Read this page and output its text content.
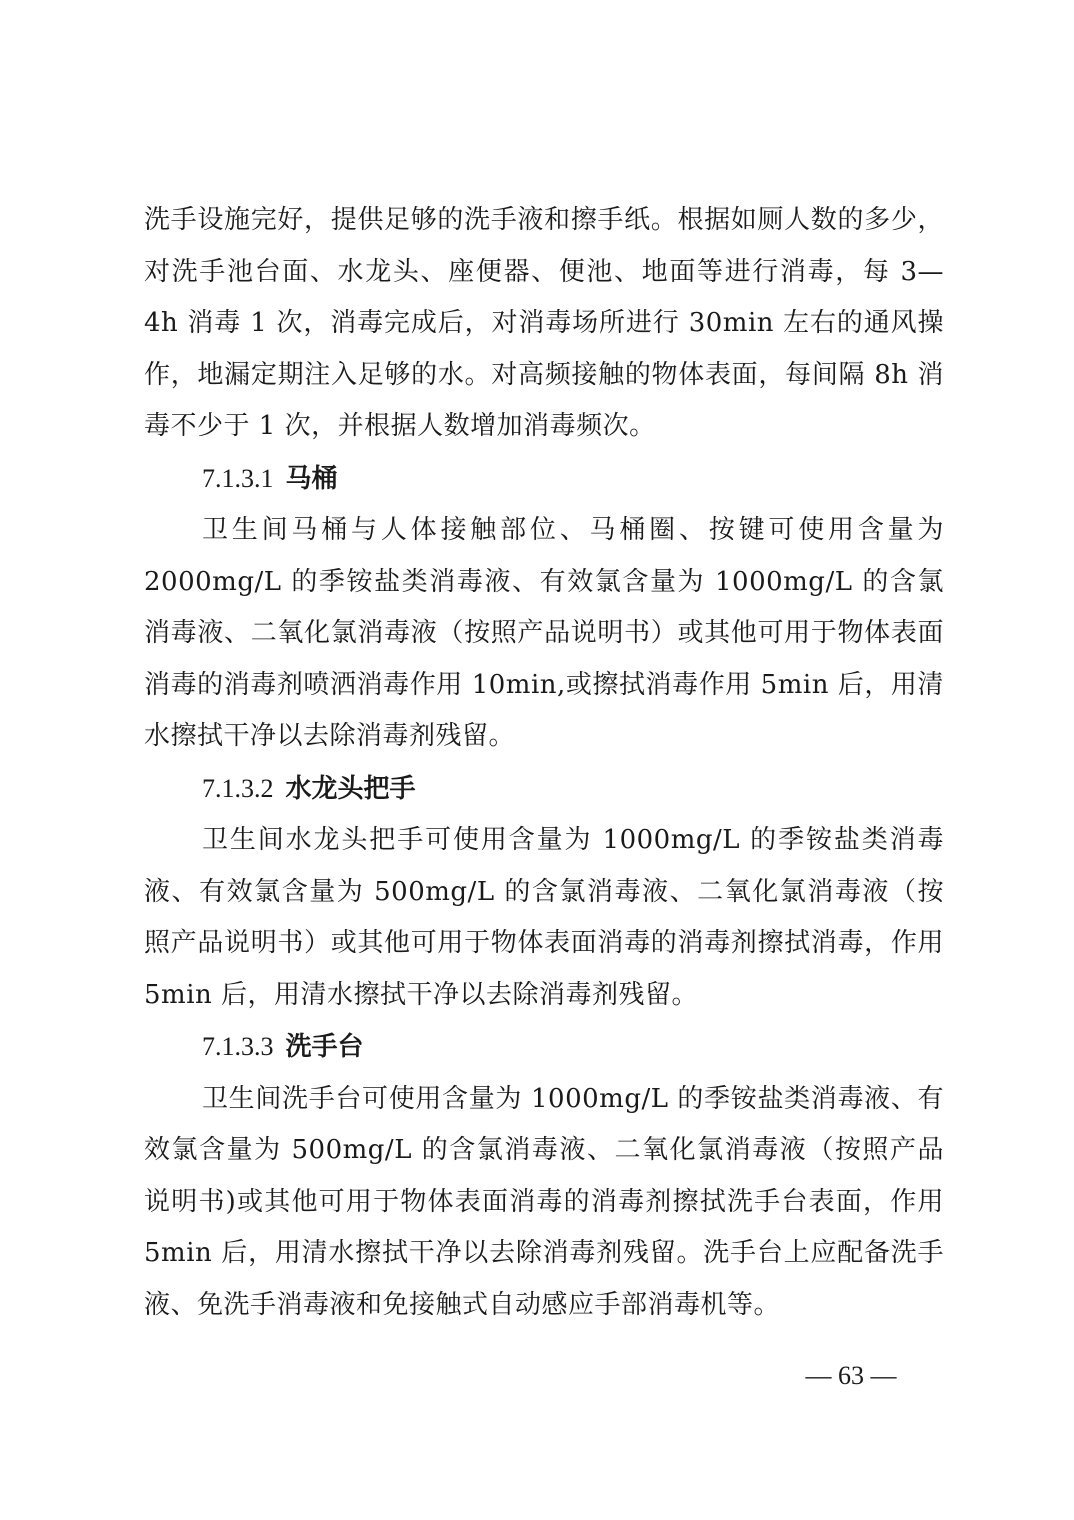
洗手设施完好，提供足够的洗手液和擦手纸。根据如厕人数的多少，对洗手池台面、水龙头、座便器、便池、地面等进行消毒，每 3—4h 消毒 1 次，消毒完成后，对消毒场所进行 30min 左右的通风操作，地漏定期注入足够的水。对高频接触的物体表面，每间隔 8h 消毒不少于 1 次，并根据人数增加消毒频次。

7.1.3.1 马桶

卫生间马桶与人体接触部位、马桶圈、按键可使用含量为 2000mg/L 的季铵盐类消毒液、有效氯含量为 1000mg/L 的含氯消毒液、二氧化氯消毒液（按照产品说明书）或其他可用于物体表面消毒的消毒剂喷洒消毒作用 10min,或擦拭消毒作用 5min 后，用清水擦拭干净以去除消毒剂残留。

7.1.3.2 水龙头把手

卫生间水龙头把手可使用含量为 1000mg/L 的季铵盐类消毒液、有效氯含量为 500mg/L 的含氯消毒液、二氧化氯消毒液（按照产品说明书）或其他可用于物体表面消毒的消毒剂擦拭消毒，作用 5min 后，用清水擦拭干净以去除消毒剂残留。

7.1.3.3 洗手台

卫生间洗手台可使用含量为 1000mg/L 的季铵盐类消毒液、有效氯含量为 500mg/L 的含氯消毒液、二氧化氯消毒液（按照产品说明书)或其他可用于物体表面消毒的消毒剂擦拭洗手台表面，作用 5min 后，用清水擦拭干净以去除消毒剂残留。洗手台上应配备洗手液、免洗手消毒液和免接触式自动感应手部消毒机等。

— 63 —
